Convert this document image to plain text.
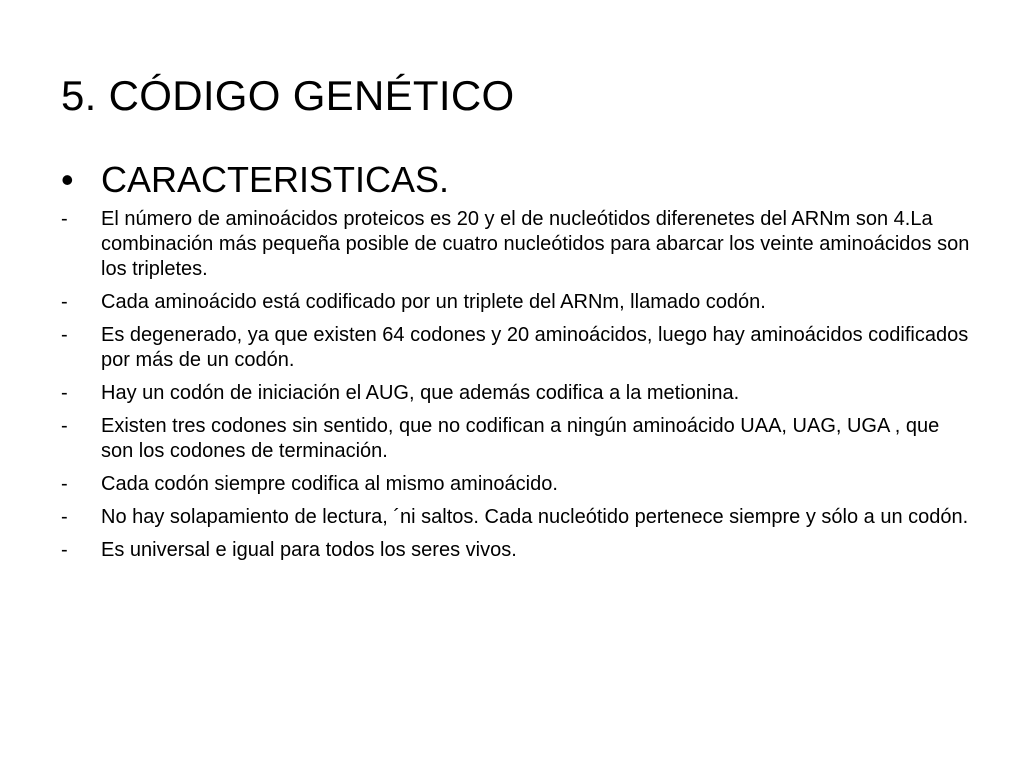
5. CÓDIGO GENÉTICO
• CARACTERISTICAS.
-	El número de aminoácidos proteicos es 20 y el de nucleótidos diferenetes del ARNm son 4.La combinación más pequeña posible de cuatro nucleótidos para abarcar los veinte aminoácidos son los tripletes.
-	Cada aminoácido está codificado por un triplete del ARNm, llamado codón.
-	Es degenerado, ya que existen 64 codones y 20 aminoácidos, luego hay aminoácidos codificados por más de un codón.
-	Hay un codón de iniciación el AUG, que además codifica a la metionina.
-	Existen tres codones sin sentido, que no codifican a ningún aminoácido UAA, UAG, UGA , que son los codones de terminación.
-	Cada codón siempre codifica al mismo aminoácido.
-	No hay solapamiento de lectura, ´ni saltos. Cada nucleótido pertenece siempre y sólo a un codón.
-	Es universal e igual para todos los seres vivos.
